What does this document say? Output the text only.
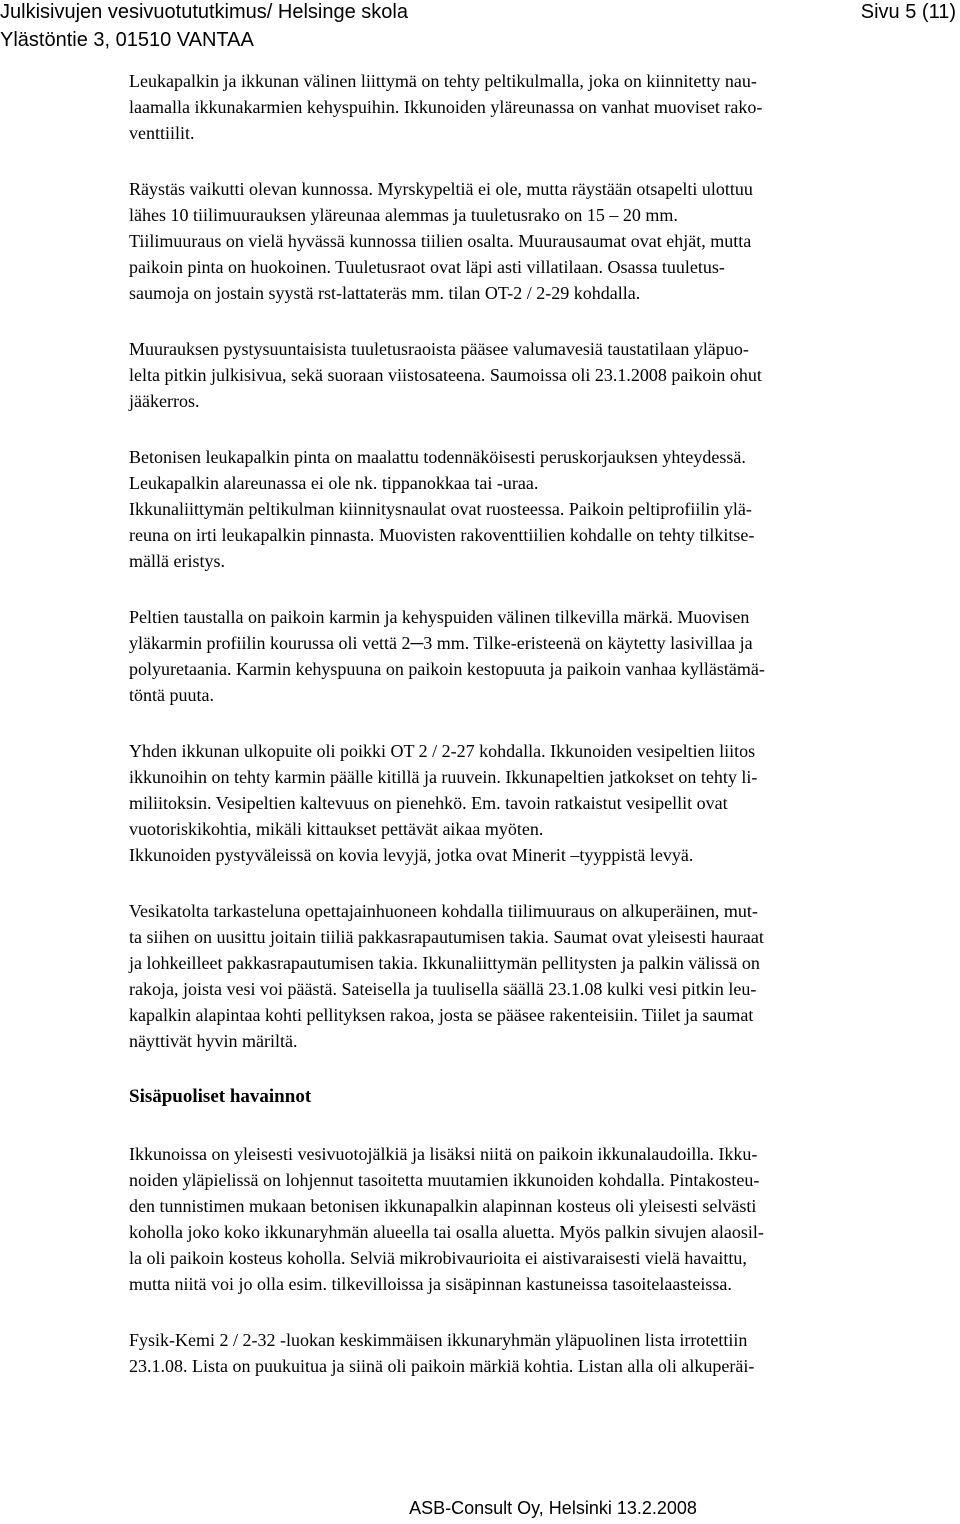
Julkisivujen vesivuotututkimus/ Helsinge skola
Ylästöntie 3, 01510 VANTAA
Sivu 5 (11)

Leukapalkin ja ikkunan välinen liittymä on tehty peltikulmalla, joka on kiinnitetty nau-
laamalla ikkunakarmien kehyspuihin. Ikkunoiden yläreunassa on vanhat muoviset rako-
venttiilit.

Räystäs vaikutti olevan kunnossa. Myrskypeltiä ei ole, mutta räystään otsapelti ulottuu
lähes 10 tiilimuurauksen yläreunaa alemmas ja tuuletusrako on 15 – 20 mm.
Tiilimuuraus on vielä hyvässä kunnossa tiilien osalta. Muurausaumat ovat ehjät, mutta
paikoin pinta on huokoinen. Tuuletusraot ovat läpi asti villatilaan. Osassa tuuletus-
saumoja on jostain syystä rst-lattateräs mm. tilan OT-2 / 2-29 kohdalla.

Muurauksen pystysuuntaisista tuuletusraoista pääsee valumavesiä taustatilaan yläpuo-
lelta pitkin julkisivua, sekä suoraan viistosateena. Saumoissa oli 23.1.2008 paikoin ohut
jääkerros.

Betonisen leukapalkin pinta on maalattu todennäköisesti peruskorjauksen yhteydessä.
Leukapalkin alareunassa ei ole nk. tippanokkaa tai -uraa.
Ikkunaliittymän peltikulman kiinnitysnaulat ovat ruosteessa. Paikoin peltiprofiilin ylä-
reuna on irti leukapalkin pinnasta. Muovisten rakoventtiilien kohdalle on tehty tilkitse-
mällä eristys.

Peltien taustalla on paikoin karmin ja kehyspuiden välinen tilkevilla märkä. Muovisen
yläkarmin profiilin kourussa oli vettä 2─3 mm. Tilke-eristeenä on käytetty lasivillaa ja
polyuretaania. Karmin kehyspuuna on paikoin kestopuuta ja paikoin vanhaa kyllästämä-
töntä puuta.

Yhden ikkunan ulkopuite oli poikki OT 2 / 2-27 kohdalla. Ikkunoiden vesipeltien liitos
ikkunoihin on tehty karmin päälle kitillä ja ruuvein. Ikkunapeltien jatkokset on tehty li-
miliitoksin. Vesipeltien kaltevuus on pienehkö. Em. tavoin ratkaistut vesipellit ovat
vuotoriskikohtia, mikäli kittaukset pettävät aikaa myöten.
Ikkunoiden pystyväleissä on kovia levyjä, jotka ovat Minerit –tyyppistä levyä.

Vesikatolta tarkasteluna opettajainhuoneen kohdalla tiilimuuraus on alkuperäinen, mut-
ta siihen on uusittu joitain tiiliä pakkasrapautumisen takia. Saumat ovat yleisesti hauraat
ja lohkeilleet pakkasrapautumisen takia. Ikkunaliittymän pellitysten ja palkin välissä on
rakoja, joista vesi voi päästä. Sateisella ja tuulisella säällä 23.1.08 kulki vesi pitkin leu-
kapalkin alapintaa kohti pellityksen rakoa, josta se pääsee rakenteisiin. Tiilet ja saumat
näyttivät hyvin märiltä.

Sisäpuoliset havainnot

Ikkunoissa on yleisesti vesivuotojälkiä ja lisäksi niitä on paikoin ikkunalaudoilla. Ikku-
noiden yläpielissä on lohjennut tasoitetta muutamien ikkunoiden kohdalla. Pintakosteu-
den tunnistimen mukaan betonisen ikkunapalkin alapinnan kosteus oli yleisesti selvästi
koholla joko koko ikkunaryhmän alueella tai osalla aluetta. Myös palkin sivujen alaosil-
la oli paikoin kosteus koholla. Selviä mikrobivaurioita ei aistivaraisesti vielä havaittu,
mutta niitä voi jo olla esim. tilkevilloissa ja sisäpinnan kastuneissa tasoitelaasteissa.

Fysik-Kemi 2 / 2-32 -luokan keskimmäisen ikkunaryhmän yläpuolinen lista irrotettiin
23.1.08. Lista on puukuitua ja siinä oli paikoin märkiä kohtia. Listan alla oli alkuperäi-

ASB-Consult Oy, Helsinki 13.2.2008
